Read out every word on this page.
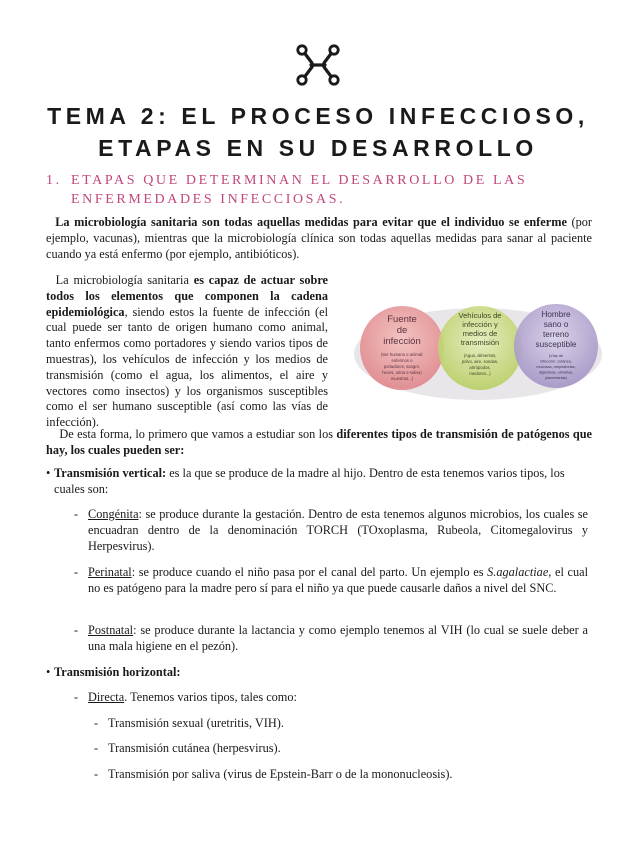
TEMA 2: EL PROCESO INFECCIOSO,
ETAPAS EN SU DESARROLLO
1. ETAPAS QUE DETERMINAN EL DESARROLLO DE LAS ENFERMEDADES INFECCIOSAS.
La microbiología sanitaria son todas aquellas medidas para evitar que el individuo se enferme (por ejemplo, vacunas), mientras que la microbiología clínica son todas aquellas medidas para sanar al paciente cuando ya está enfermo (por ejemplo, antibióticos).
La microbiología sanitaria es capaz de actuar sobre todos los elementos que componen la cadena epidemiológica, siendo estos la fuente de infección (el cual puede ser tanto de origen humano como animal, tanto enfermos como portadores y siendo varios tipos de muestras), los vehículos de infección y los medios de transmisión (como el agua, los alimentos, el aire y vectores como insectos) y los organismos susceptibles como el ser humano susceptible (así como las vías de infección).
Fuente
de
infección
(Ser humano o animal:
enfermos o
portadores, sangre,
heces, orina o saliva)
muestras...)
Vehículos de
infección y
medios de
transmisión
(Agua, alimentos,
polvo, aire, sondas,
artrópodos,
roedores...)
Hombre
sano o
terreno
susceptible
(Vías de
infección: cutánea,
mucosas, respiratorias,
digestivas, urinarias,
placentarias)
De esta forma, lo primero que vamos a estudiar son los diferentes tipos de transmisión de patógenos que hay, los cuales pueden ser:
• Transmisión vertical: es la que se produce de la madre al hijo. Dentro de esta tenemos varios tipos, los cuales son:
- Congénita: se produce durante la gestación. Dentro de esta tenemos algunos microbios, los cuales se encuadran dentro de la denominación TORCH (TOxoplasma, Rubeola, Citomegalovirus y Herpesvirus).
- Perinatal: se produce cuando el niño pasa por el canal del parto. Un ejemplo es S.agalactiae, el cual no es patógeno para la madre pero sí para el niño ya que puede causarle daños a nivel del SNC.
- Postnatal: se produce durante la lactancia y como ejemplo tenemos al VIH (lo cual se suele deber a una mala higiene en el pezón).
• Transmisión horizontal:
- Directa. Tenemos varios tipos, tales como:
- Transmisión sexual (uretritis, VIH).
- Transmisión cutánea (herpesvirus).
- Transmisión por saliva (virus de Epstein-Barr o de la mononucleosis).
